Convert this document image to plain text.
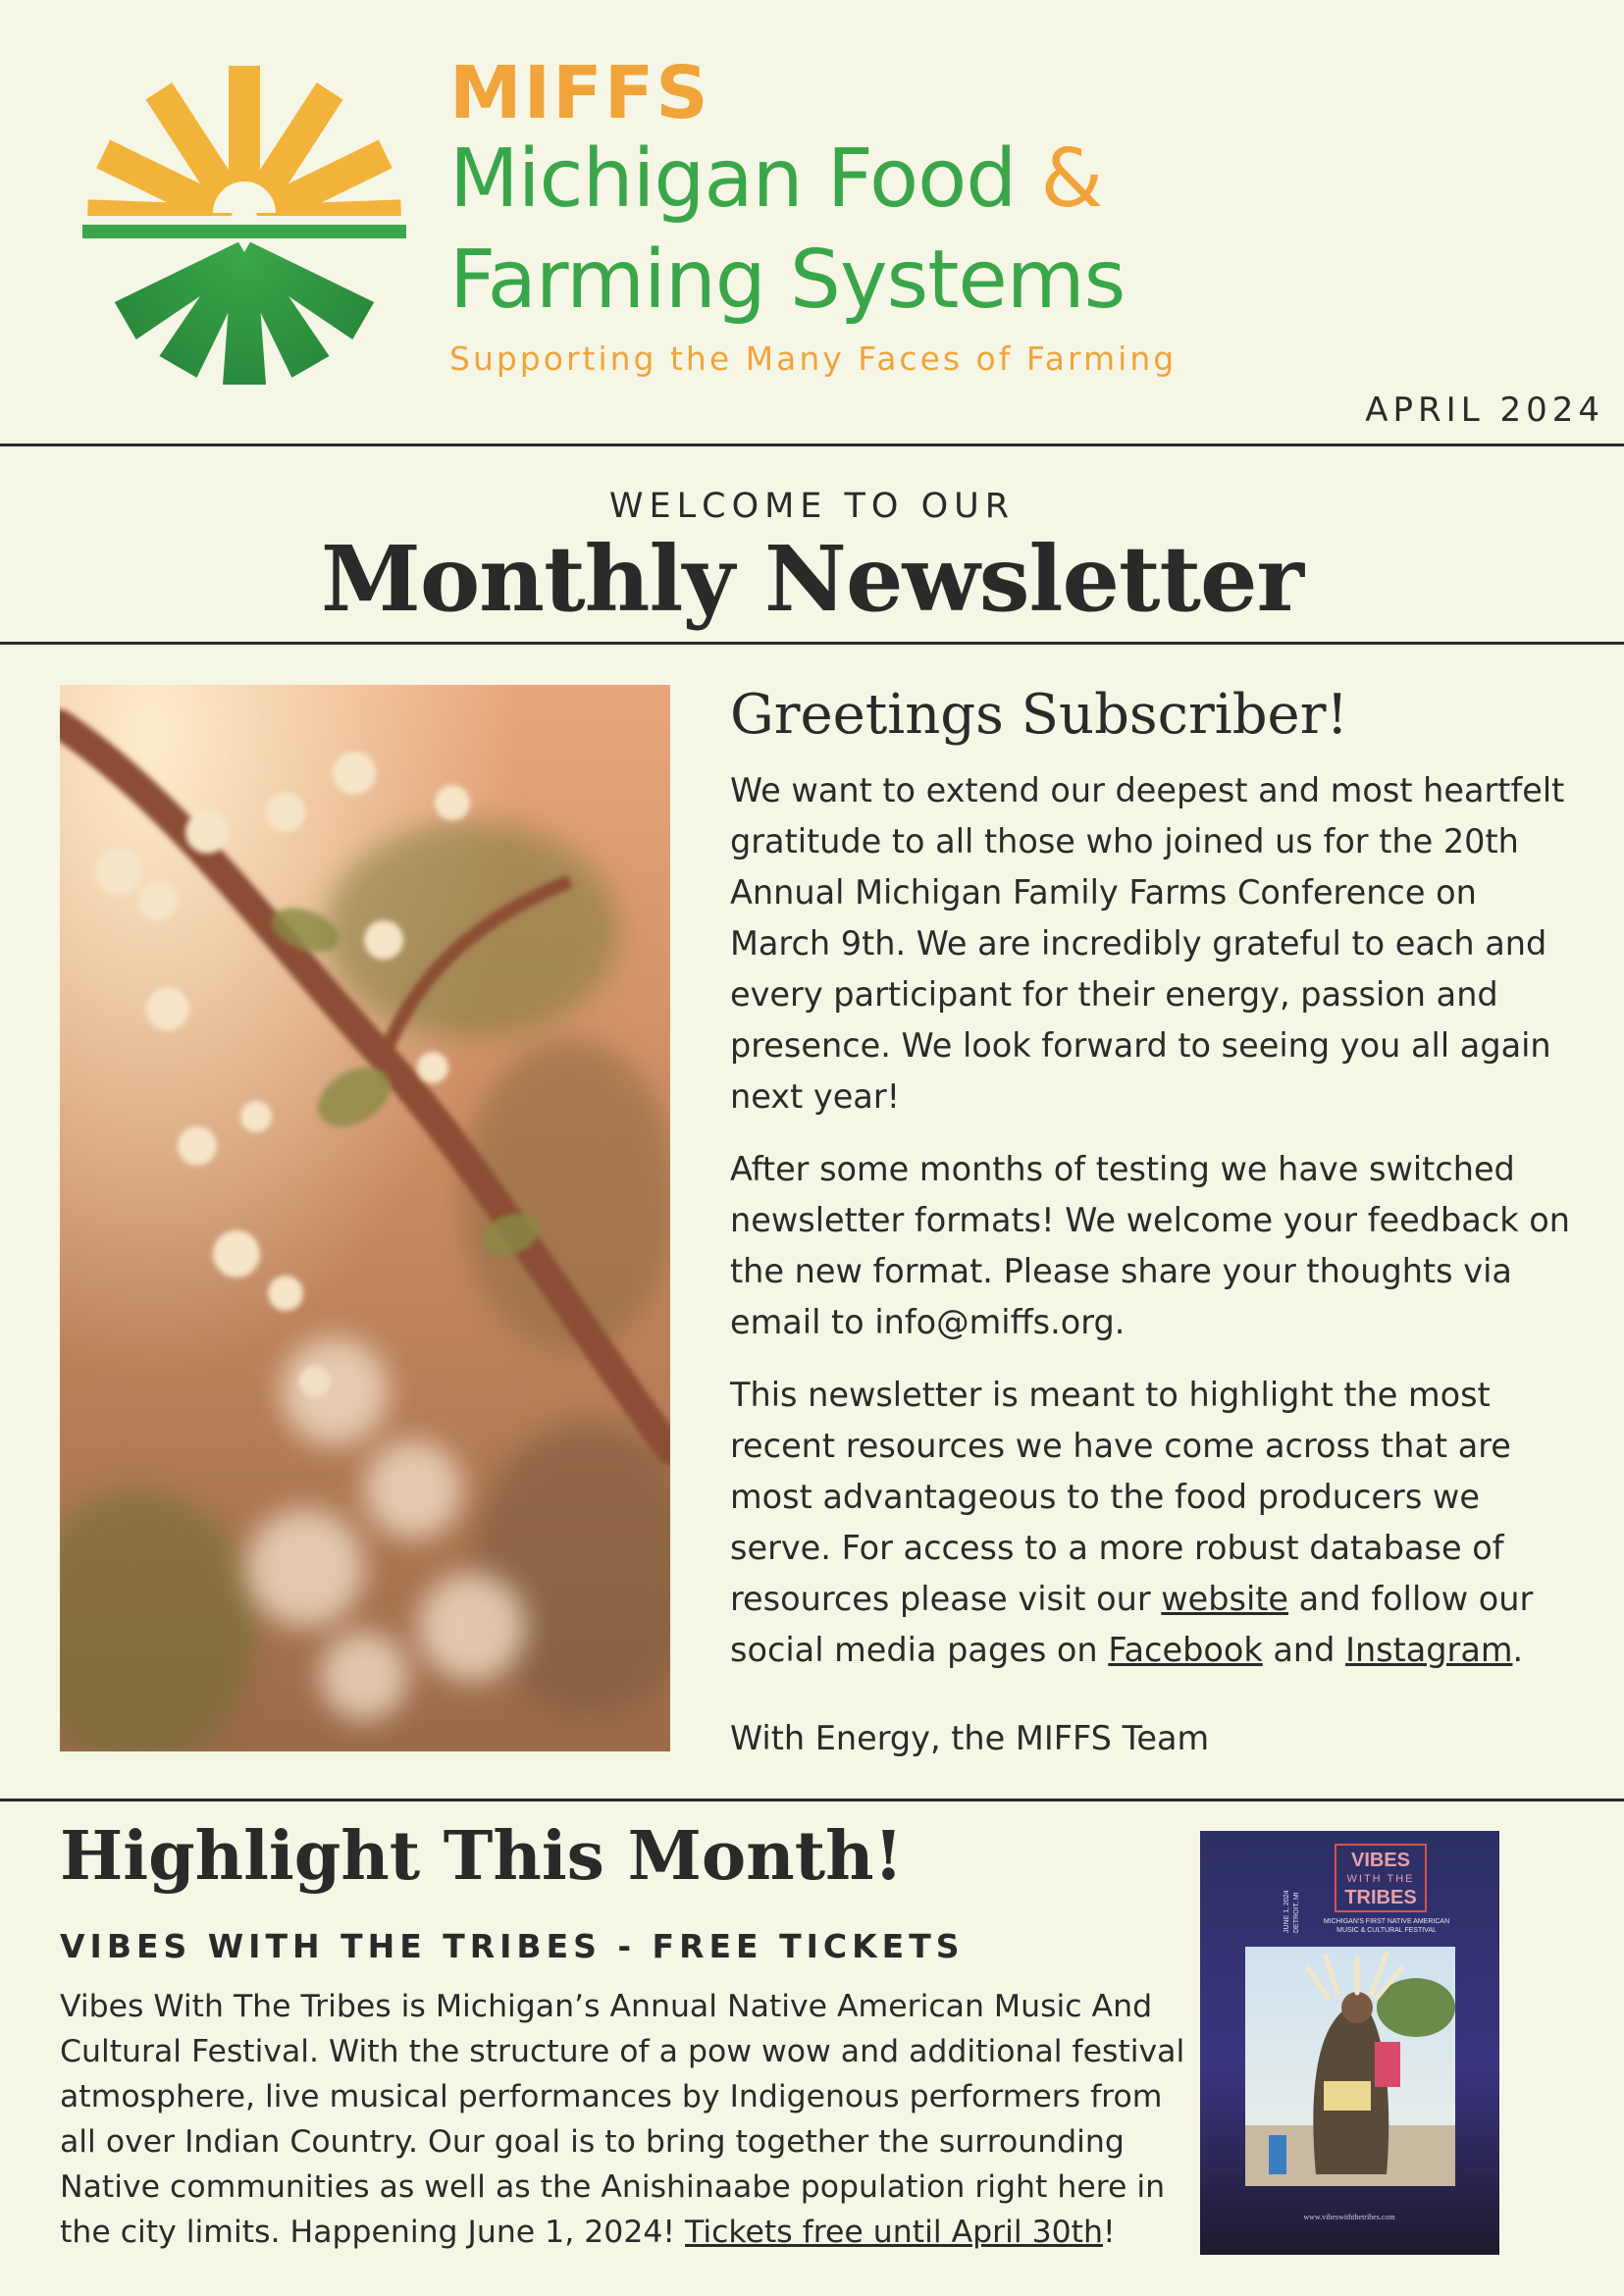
MIFFS
Michigan Food &
Farming Systems
Supporting the Many Faces of Farming
APRIL 2024
WELCOME TO OUR
Monthly Newsletter
Greetings Subscriber!
We want to extend our deepest and most heartfelt gratitude to all those who joined us for the 20th Annual Michigan Family Farms Conference on March 9th. We are incredibly grateful to each and every participant for their energy, passion and presence. We look forward to seeing you all again next year!
After some months of testing we have switched newsletter formats! We welcome your feedback on the new format. Please share your thoughts via email to info@miffs.org.
This newsletter is meant to highlight the most recent resources we have come across that are most advantageous to the food producers we serve. For access to a more robust database of resources please visit our website and follow our social media pages on Facebook and Instagram.
With Energy, the MIFFS Team
Highlight This Month!
VIBES WITH THE TRIBES - FREE TICKETS
Vibes With The Tribes is Michigan’s Annual Native American Music And Cultural Festival. With the structure of a pow wow and additional festival atmosphere, live musical performances by Indigenous performers from all over Indian Country. Our goal is to bring together the surrounding Native communities as well as the Anishinaabe population right here in the city limits. Happening June 1, 2024! Tickets free until April 30th!
VIBES
WITH THE
TRIBES
MICHIGAN'S FIRST NATIVE AMERICAN
MUSIC & CULTURAL FESTIVAL
JUNE 1, 2024 DETROIT, MI
www.vibeswiththetribes.com
